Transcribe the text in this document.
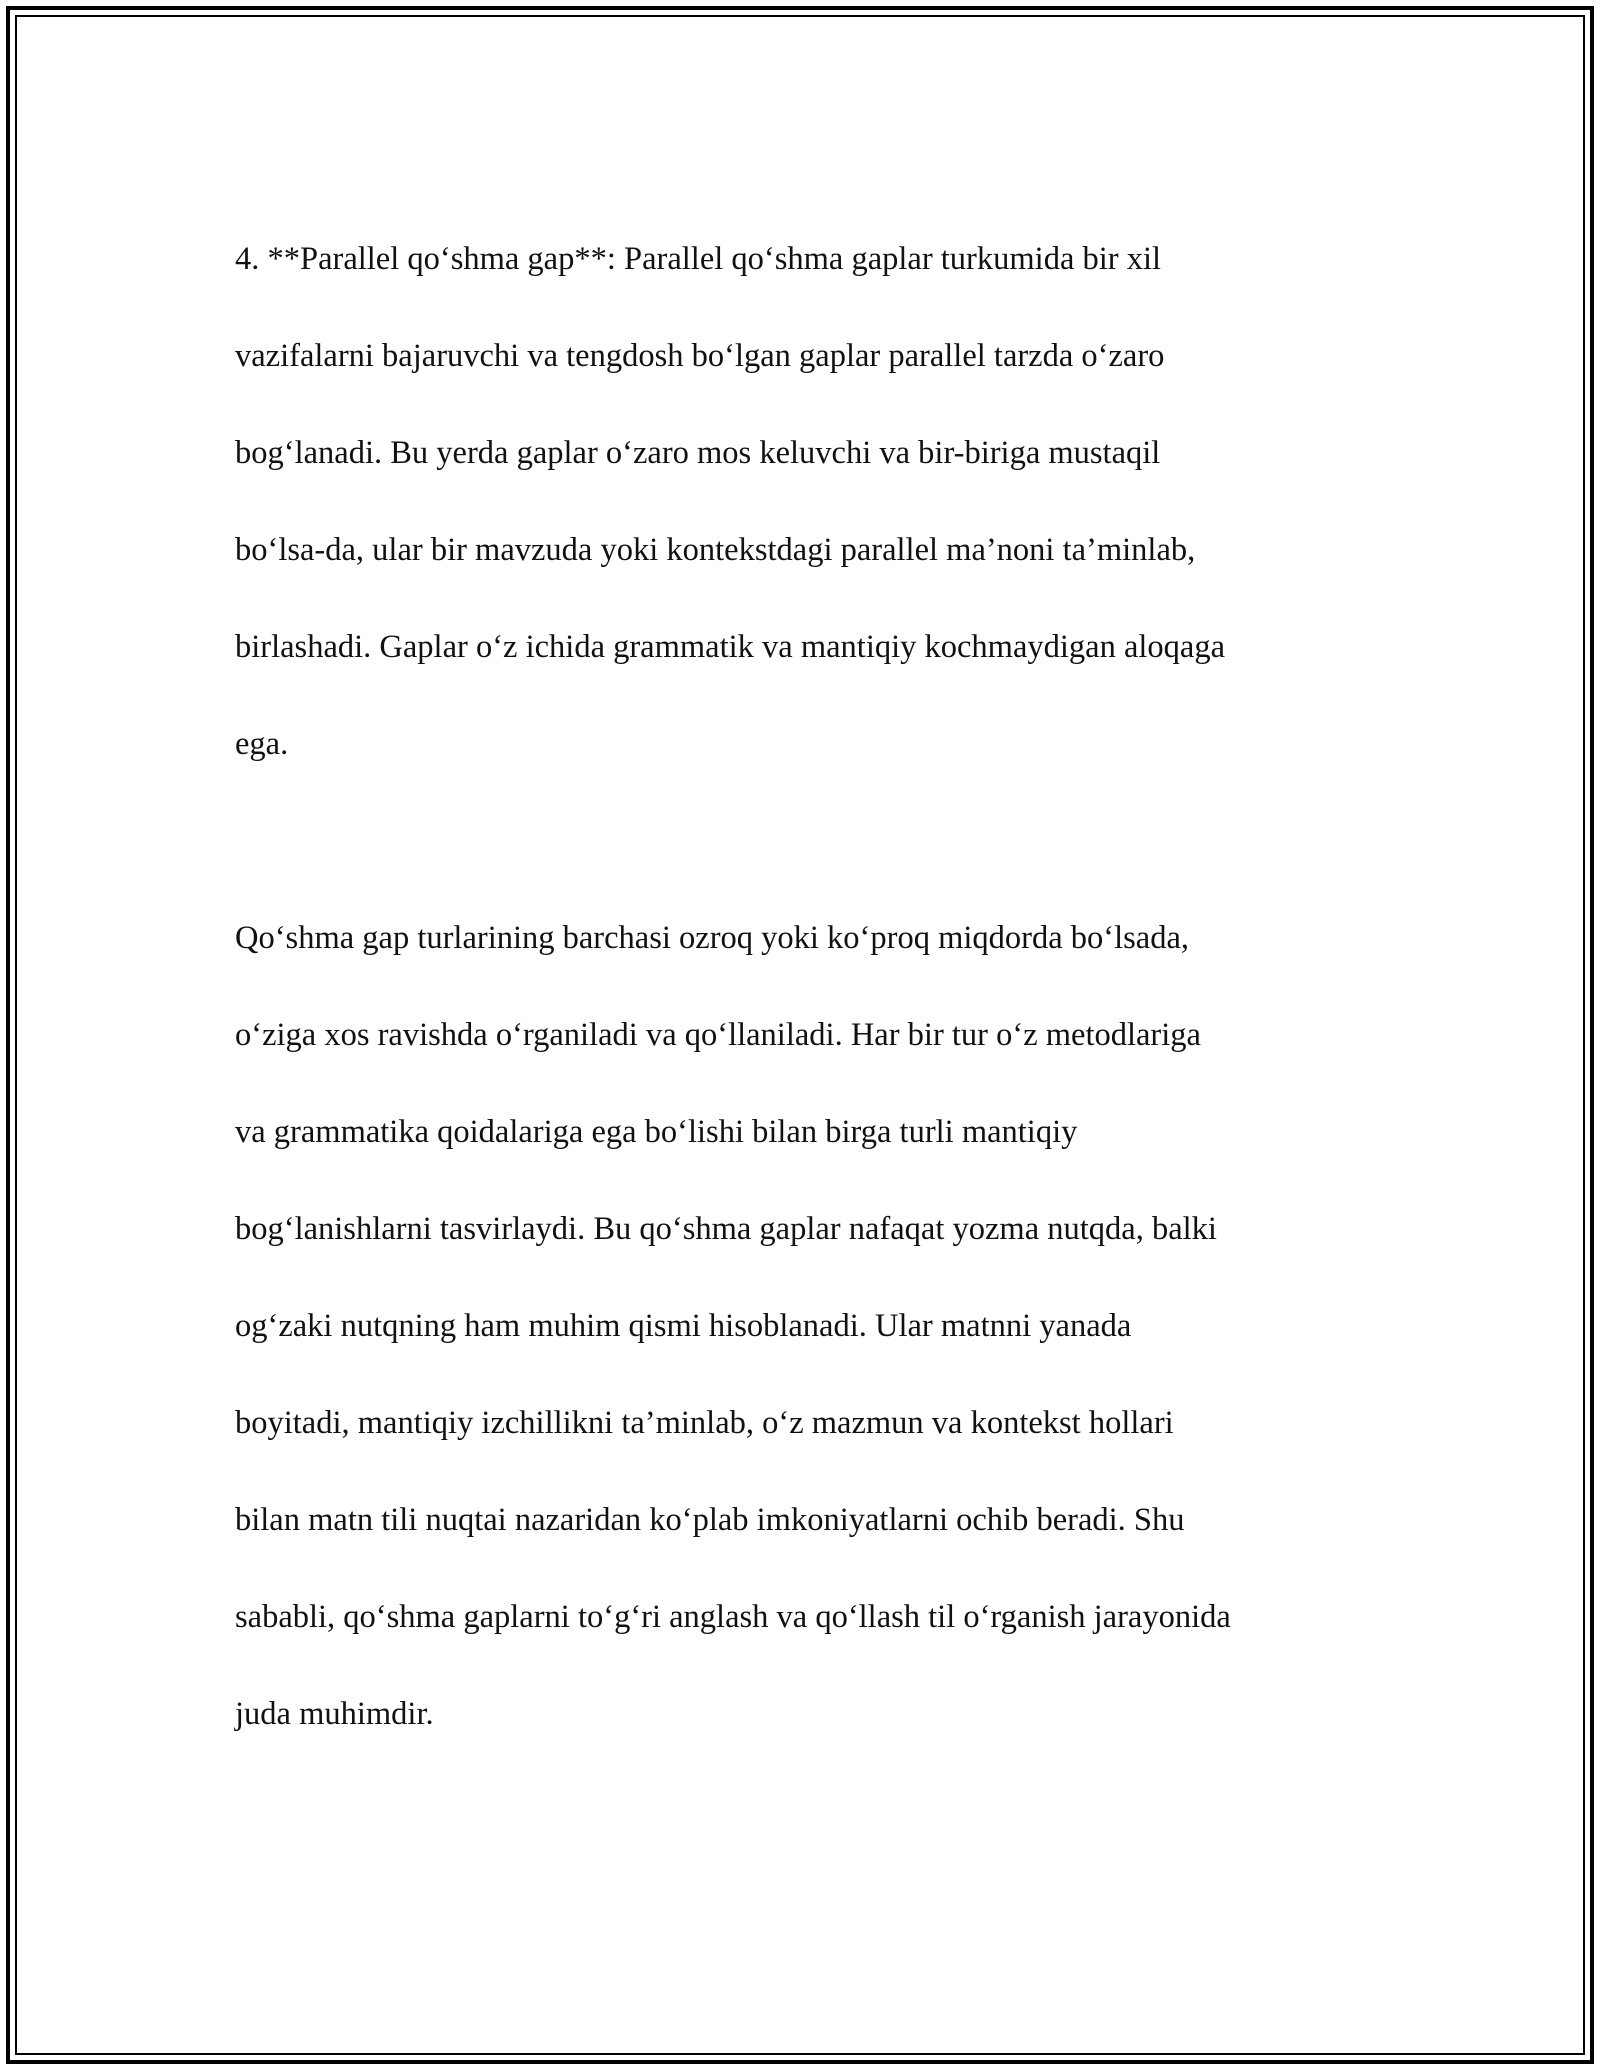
4. **Parallel qo‘shma gap**: Parallel qo‘shma gaplar turkumida bir xil

vazifalarni bajaruvchi va tengdosh bo‘lgan gaplar parallel tarzda o‘zaro

bog‘lanadi. Bu yerda gaplar o‘zaro mos keluvchi va bir-biriga mustaqil

bo‘lsa-da, ular bir mavzuda yoki kontekstdagi parallel ma’noni ta’minlab,

birlashadi. Gaplar o‘z ichida grammatik va mantiqiy kochmaydigan aloqaga

ega.

Qo‘shma gap turlarining barchasi ozroq yoki ko‘proq miqdorda bo‘lsada,

o‘ziga xos ravishda o‘rganiladi va qo‘llaniladi. Har bir tur o‘z metodlariga

va grammatika qoidalariga ega bo‘lishi bilan birga turli mantiqiy

bog‘lanishlarni tasvirlaydi. Bu qo‘shma gaplar nafaqat yozma nutqda, balki

og‘zaki nutqning ham muhim qismi hisoblanadi. Ular matnni yanada

boyitadi, mantiqiy izchillikni ta’minlab, o‘z mazmun va kontekst hollari

bilan matn tili nuqtai nazaridan ko‘plab imkoniyatlarni ochib beradi. Shu

sababli, qo‘shma gaplarni to‘g‘ri anglash va qo‘llash til o‘rganish jarayonida

juda muhimdir.
